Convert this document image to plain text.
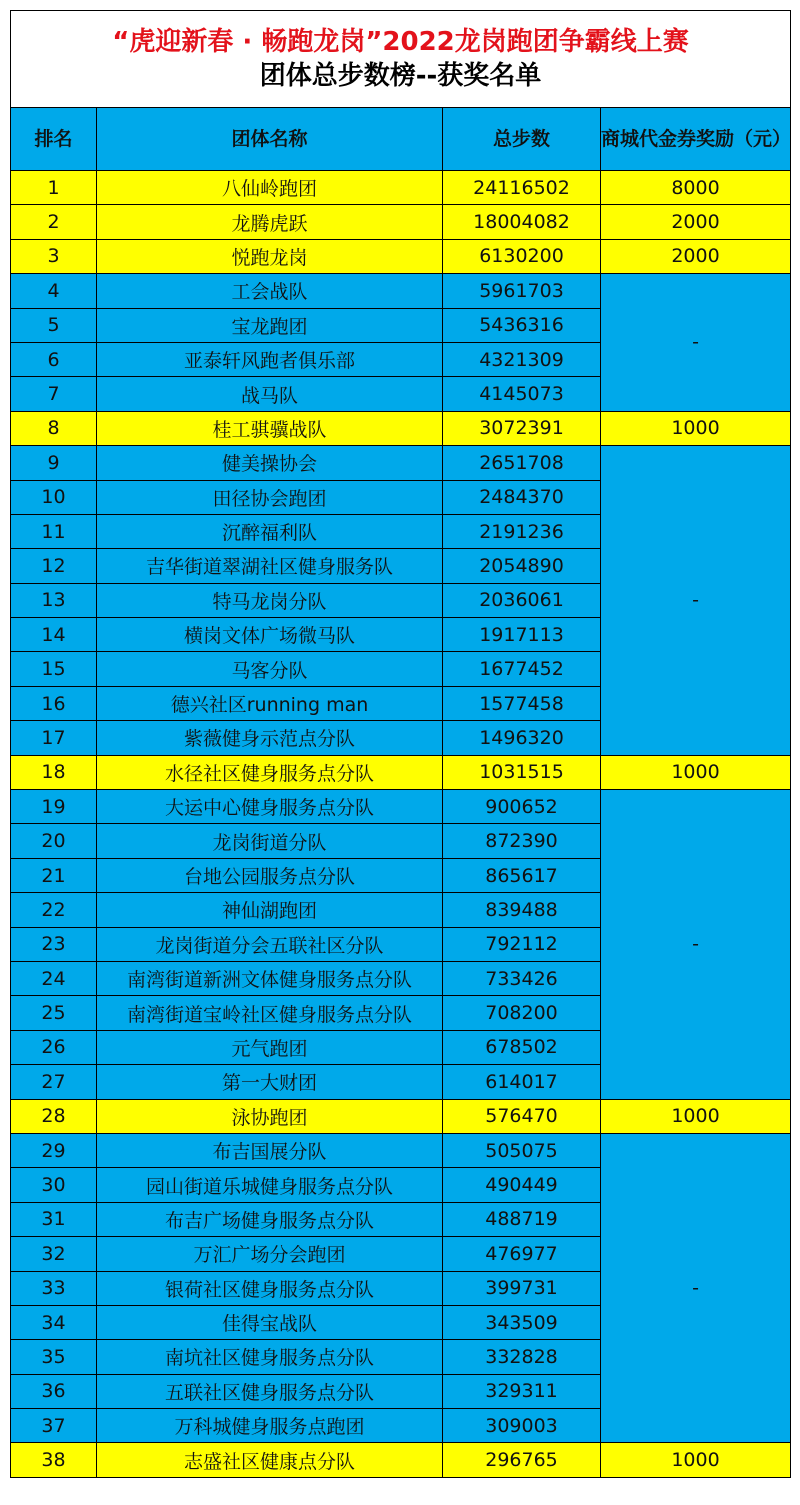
“虎迎新春 · 畅跑龙岗”2022龙岗跑团争霸线上赛
团体总步数榜--获奖名单			

排名	团体名称	总步数	商城代金券奖励（元）
1	八仙岭跑团	24116502	8000
2	龙腾虎跃	18004082	2000
3	悦跑龙岗	6130200	2000
4	工会战队	5961703	-
5	宝龙跑团	5436316	
6	亚泰轩风跑者俱乐部	4321309	
7	战马队	4145073	
8	桂工骐骥战队	3072391	1000
9	健美操协会	2651708	-
10	田径协会跑团	2484370	
11	沉醉福利队	2191236	
12	吉华街道翠湖社区健身服务队	2054890	
13	特马龙岗分队	2036061	
14	横岗文体广场微马队	1917113	
15	马客分队	1677452	
16	德兴社区running man	1577458	
17	紫薇健身示范点分队	1496320	
18	水径社区健身服务点分队	1031515	1000
19	大运中心健身服务点分队	900652	-
20	龙岗街道分队	872390	
21	台地公园服务点分队	865617	
22	神仙湖跑团	839488	
23	龙岗街道分会五联社区分队	792112	
24	南湾街道新洲文体健身服务点分队	733426	
25	南湾街道宝岭社区健身服务点分队	708200	
26	元气跑团	678502	
27	第一大财团	614017	
28	泳协跑团	576470	1000
29	布吉国展分队	505075	-
30	园山街道乐城健身服务点分队	490449	
31	布吉广场健身服务点分队	488719	
32	万汇广场分会跑团	476977	
33	银荷社区健身服务点分队	399731	
34	佳得宝战队	343509	
35	南坑社区健身服务点分队	332828	
36	五联社区健身服务点分队	329311	
37	万科城健身服务点跑团	309003	
38	志盛社区健康点分队	296765	1000
